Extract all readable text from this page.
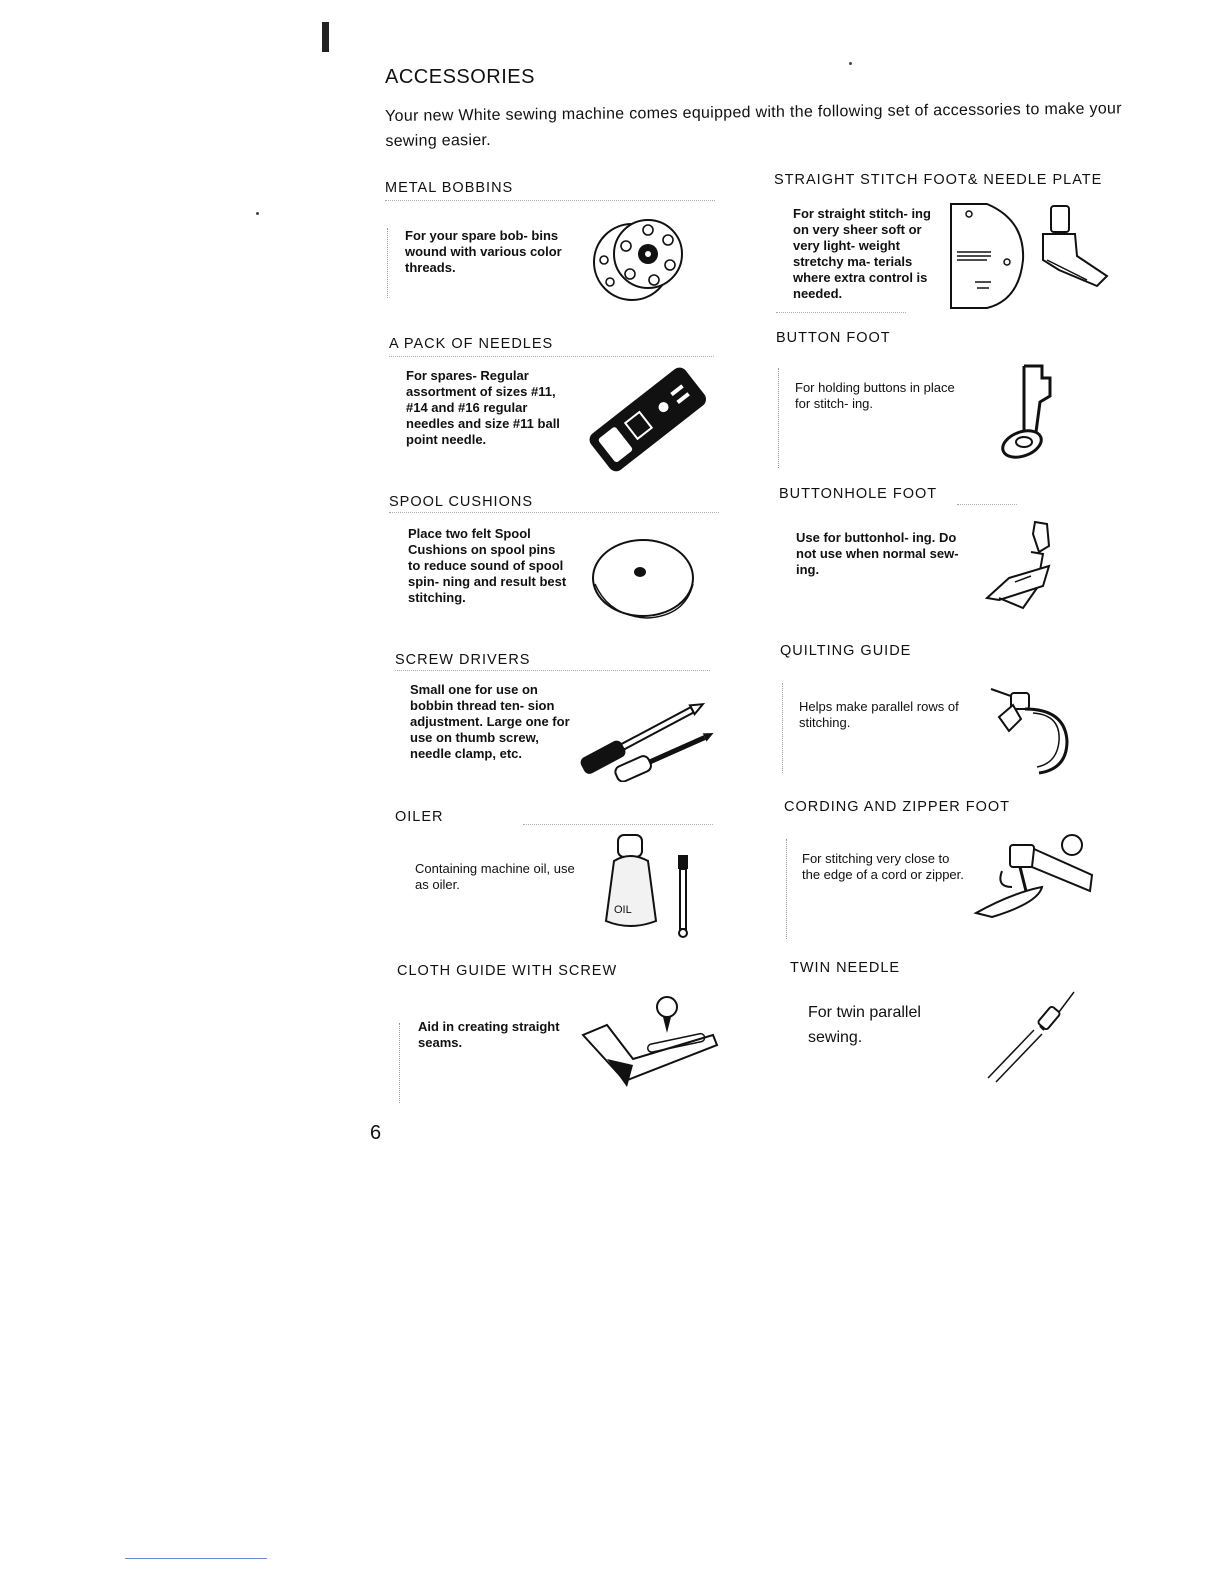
ACCESSORIES
Your new White sewing machine comes equipped with the following set of accessories to make your sewing easier.
METAL BOBBINS
For your spare bob- bins wound with various color threads.
A PACK OF NEEDLES
For spares- Regular assortment of sizes #11, #14 and #16 regular needles and size #11 ball point needle.
SPOOL CUSHIONS
Place two felt Spool Cushions on spool pins to reduce sound of spool spin- ning and result best stitching.
SCREW DRIVERS
Small one for use on bobbin thread ten- sion adjustment. Large one for use on thumb screw, needle clamp, etc.
OILER
Containing machine oil, use as oiler.
OIL
CLOTH GUIDE WITH SCREW
Aid in creating straight seams.
STRAIGHT STITCH FOOT& NEEDLE PLATE
For straight stitch- ing on very sheer soft or very light- weight stretchy ma- terials where extra control is needed.
BUTTON FOOT
For holding buttons in place for stitch- ing.
BUTTONHOLE FOOT
Use for buttonhol- ing. Do not use when normal sew- ing.
QUILTING GUIDE
Helps make parallel rows of stitching.
CORDING AND ZIPPER FOOT
For stitching very close to the edge of a cord or zipper.
TWIN NEEDLE
For twin parallel sewing.
6
